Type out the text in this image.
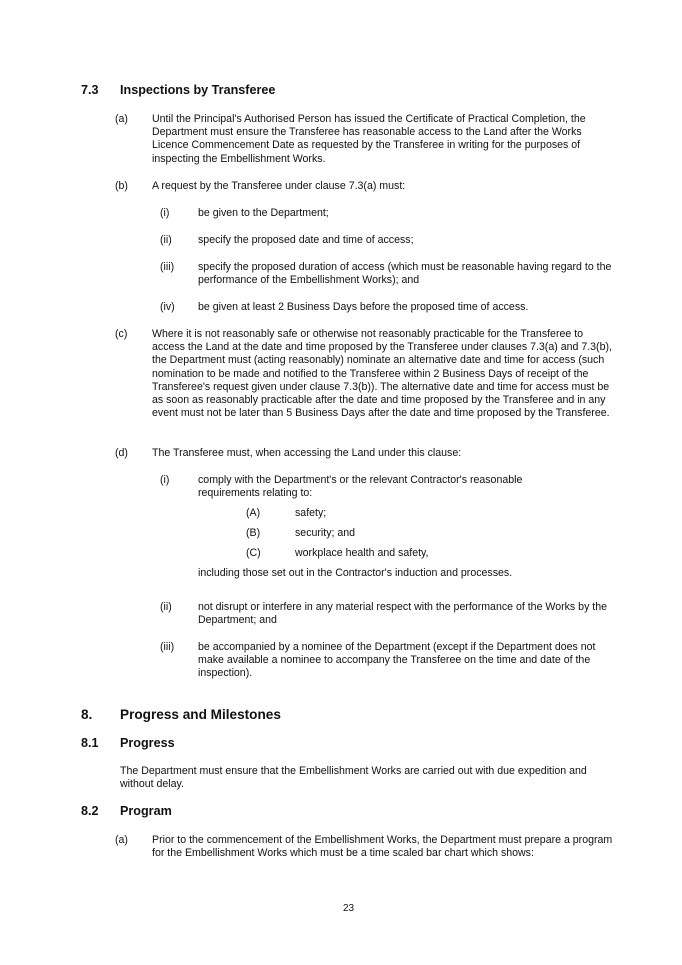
7.3 Inspections by Transferee
(a) Until the Principal's Authorised Person has issued the Certificate of Practical Completion, the Department must ensure the Transferee has reasonable access to the Land after the Works Licence Commencement Date as requested by the Transferee in writing for the purposes of inspecting the Embellishment Works.
(b) A request by the Transferee under clause 7.3(a) must:
(i)	be given to the Department;
(ii) specify the proposed date and time of access;
(iii) specify the proposed duration of access (which must be reasonable having regard to the performance of the Embellishment Works); and
(iv) be given at least 2 Business Days before the proposed time of access.
(c) Where it is not reasonably safe or otherwise not reasonably practicable for the Transferee to access the Land at the date and time proposed by the Transferee under clauses 7.3(a) and 7.3(b), the Department must (acting reasonably) nominate an alternative date and time for access (such nomination to be made and notified to the Transferee within 2 Business Days of receipt of the Transferee's request given under clause 7.3(b)). The alternative date and time for access must be as soon as reasonably practicable after the date and time proposed by the Transferee and in any event must not be later than 5 Business Days after the date and time proposed by the Transferee.
(d) The Transferee must, when accessing the Land under this clause:
(i)	comply with the Department's or the relevant Contractor's reasonable requirements relating to:
(A)	safety;
(B)	security; and
(C)	workplace health and safety,
including those set out in the Contractor's induction and processes.
(ii) not disrupt or interfere in any material respect with the performance of the Works by the Department; and
(iii) be accompanied by a nominee of the Department (except if the Department does not make available a nominee to accompany the Transferee on the time and date of the inspection).
8. Progress and Milestones
8.1 Progress
The Department must ensure that the Embellishment Works are carried out with due expedition and without delay.
8.2 Program
(a) Prior to the commencement of the Embellishment Works, the Department must prepare a program for the Embellishment Works which must be a time scaled bar chart which shows:
23
